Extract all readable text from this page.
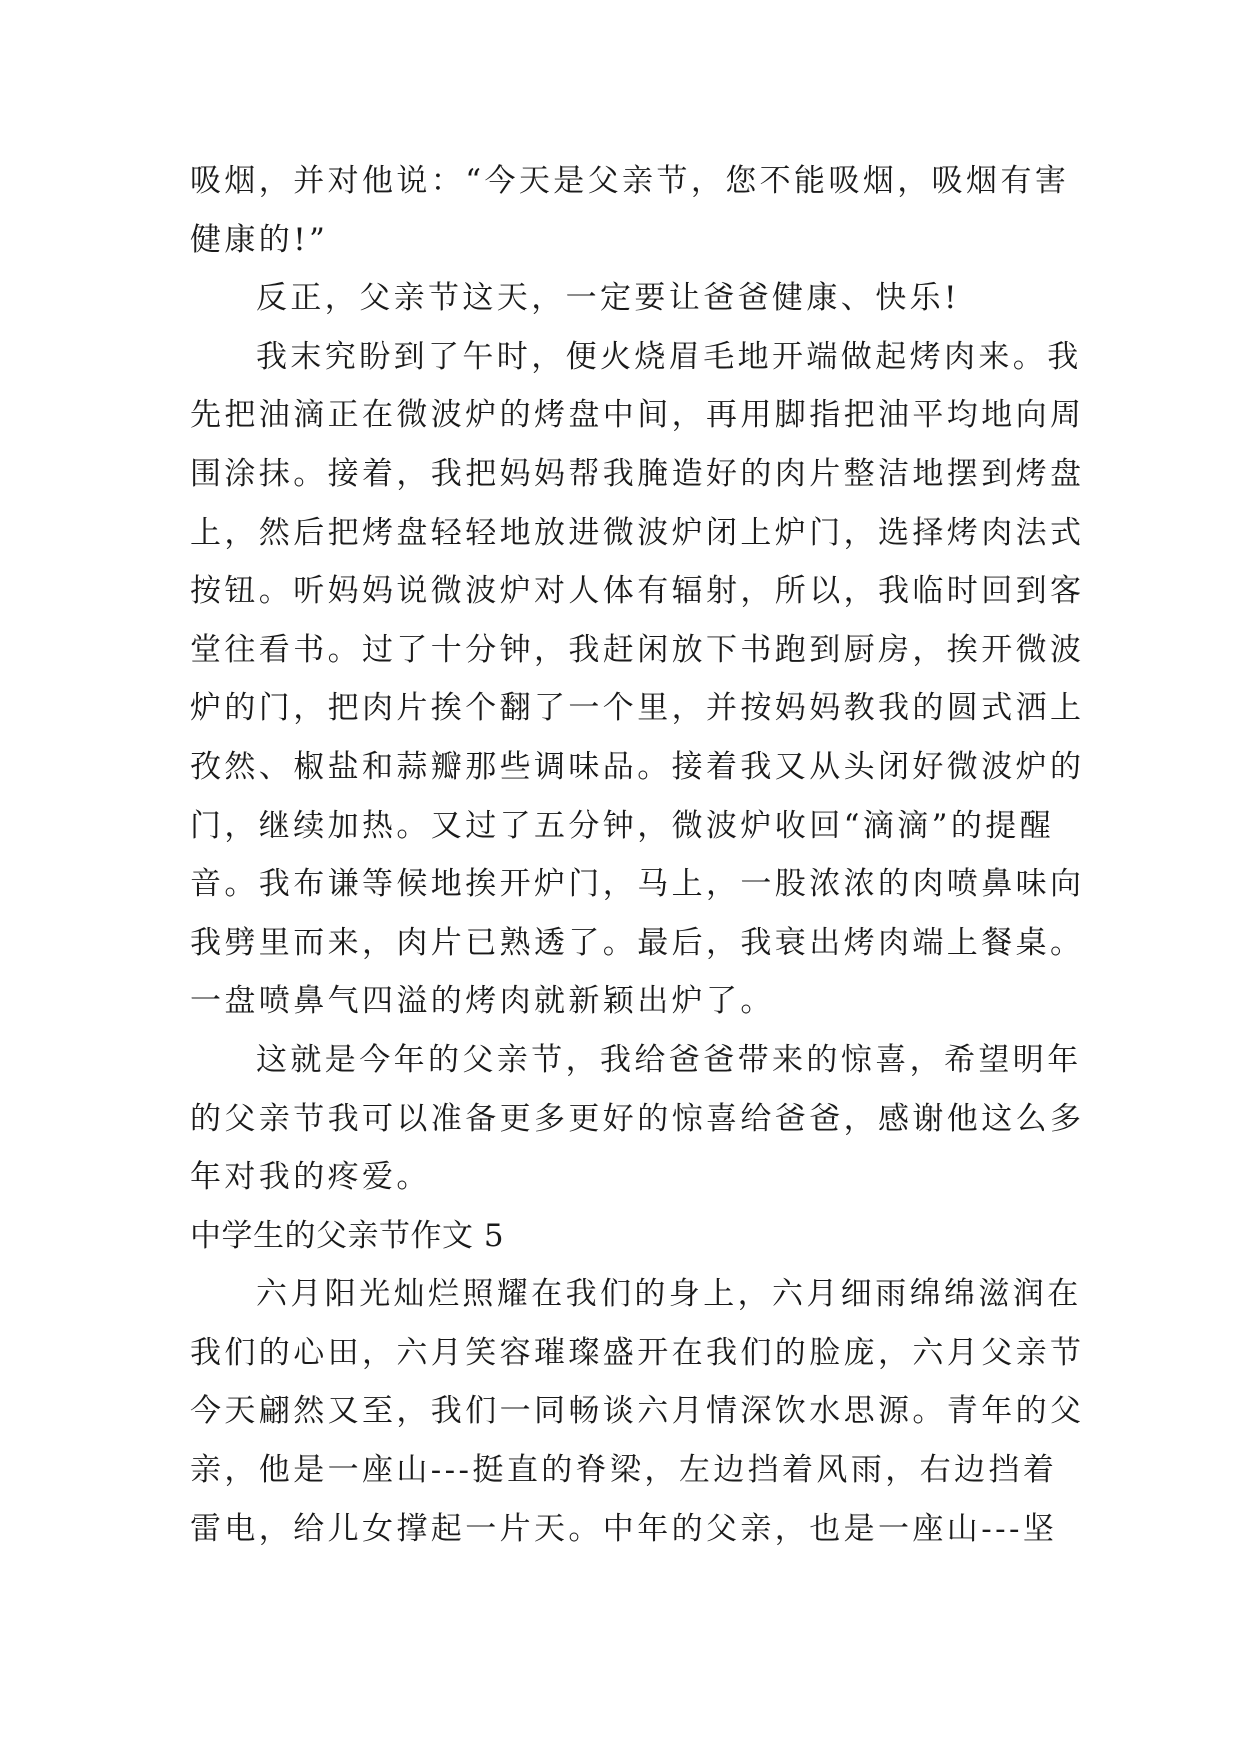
吸烟，并对他说：“今天是父亲节，您不能吸烟，吸烟有害
健康的!”
反正，父亲节这天，一定要让爸爸健康、快乐!
我末究盼到了午时，便火烧眉毛地开端做起烤肉来。我
先把油滴正在微波炉的烤盘中间，再用脚指把油平均地向周
围涂抹。接着，我把妈妈帮我腌造好的肉片整洁地摆到烤盘
上，然后把烤盘轻轻地放进微波炉闭上炉门，选择烤肉法式
按钮。听妈妈说微波炉对人体有辐射，所以，我临时回到客
堂往看书。过了十分钟，我赶闲放下书跑到厨房，挨开微波
炉的门，把肉片挨个翻了一个里，并按妈妈教我的圆式洒上
孜然、椒盐和蒜瓣那些调味品。接着我又从头闭好微波炉的
门，继续加热。又过了五分钟，微波炉收回“滴滴”的提醒
音。我布谦等候地挨开炉门，马上，一股浓浓的肉喷鼻味向
我劈里而来，肉片已熟透了。最后，我衰出烤肉端上餐桌。
一盘喷鼻气四溢的烤肉就新颖出炉了。
这就是今年的父亲节，我给爸爸带来的惊喜，希望明年
的父亲节我可以准备更多更好的惊喜给爸爸，感谢他这么多
年对我的疼爱。
中学生的父亲节作文 5
六月阳光灿烂照耀在我们的身上，六月细雨绵绵滋润在
我们的心田，六月笑容璀璨盛开在我们的脸庞，六月父亲节
今天翩然又至，我们一同畅谈六月情深饮水思源。青年的父
亲，他是一座山---挺直的脊梁，左边挡着风雨，右边挡着
雷电，给儿女撑起一片天。中年的父亲，也是一座山---坚
